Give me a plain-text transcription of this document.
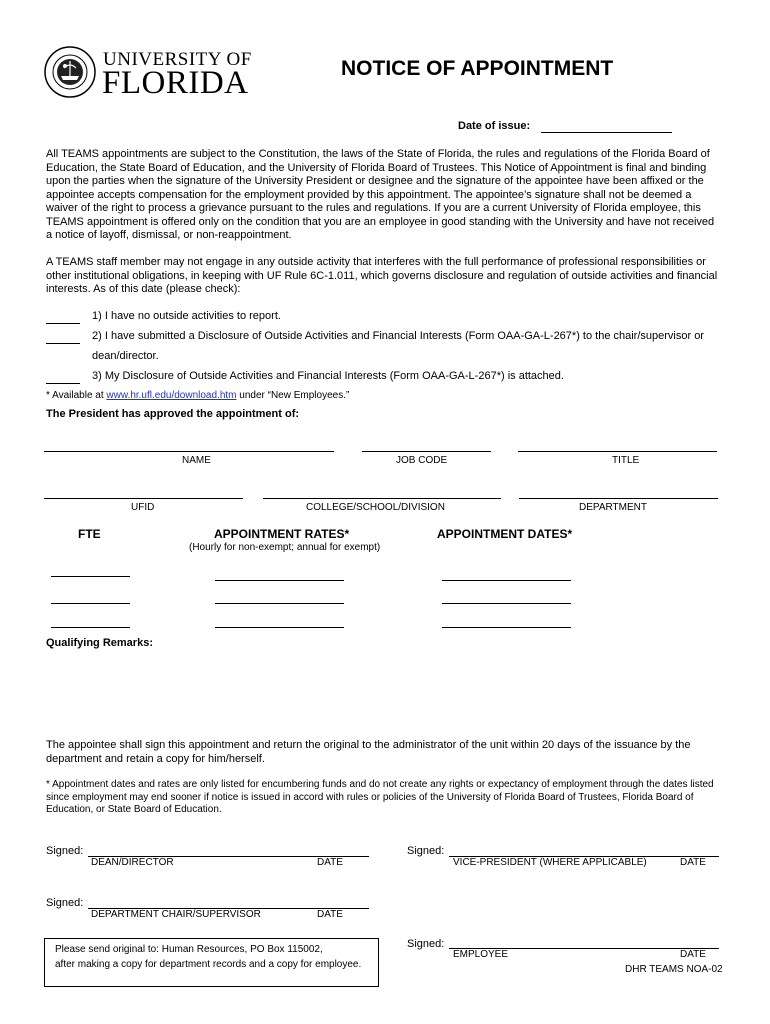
UNIVERSITY OF
FLORIDA	NOTICE OF APPOINTMENT
Date of issue:
All TEAMS appointments are subject to the Constitution, the laws of the State of Florida, the rules and regulations of the Florida Board of Education, the State Board of Education, and the University of Florida Board of Trustees. This Notice of Appointment is final and binding upon the parties when the signature of the University President or designee and the signature of the appointee have been affixed or the appointee accepts compensation for the employment provided by this appointment. The appointee’s signature shall not be deemed a waiver of the right to process a grievance pursuant to the rules and regulations. If you are a current University of Florida employee, this TEAMS appointment is offered only on the condition that you are an employee in good standing with the University and have not received a notice of layoff, dismissal, or non-reappointment.
A TEAMS staff member may not engage in any outside activity that interferes with the full performance of professional responsibilities or other institutional obligations, in keeping with UF Rule 6C-1.011, which governs disclosure and regulation of outside activities and financial interests. As of this date (please check):
1) I have no outside activities to report.
2) I have submitted a Disclosure of Outside Activities and Financial Interests (Form OAA-GA-L-267*) to the chair/supervisor or
dean/director.
3) My Disclosure of Outside Activities and Financial Interests (Form OAA-GA-L-267*) is attached.
* Available at www.hr.ufl.edu/download.htm under “New Employees.”
The President has approved the appointment of:
NAME	JOB CODE	TITLE
UFID	COLLEGE/SCHOOL/DIVISION	DEPARTMENT
FTE	APPOINTMENT RATES*
(Hourly for non-exempt; annual for exempt)
APPOINTMENT DATES*
Qualifying Remarks:
The appointee shall sign this appointment and return the original to the administrator of the unit within 20 days of the issuance by the department and retain a copy for him/herself.
* Appointment dates and rates are only listed for encumbering funds and do not create any rights or expectancy of employment through the dates listed since employment may end sooner if notice is issued in accord with rules or policies of the University of Florida Board of Trustees, Florida Board of Education, or State Board of Education.
Signed:
DEAN/DIRECTOR	DATE
Signed:
VICE-PRESIDENT (WHERE APPLICABLE)	DATE
Signed:
DEPARTMENT CHAIR/SUPERVISOR	DATE
Signed:
EMPLOYEE	DATE
Please send original to: Human Resources, PO Box 115002,
after making a copy for department records and a copy for employee.	DHR TEAMS NOA-02
